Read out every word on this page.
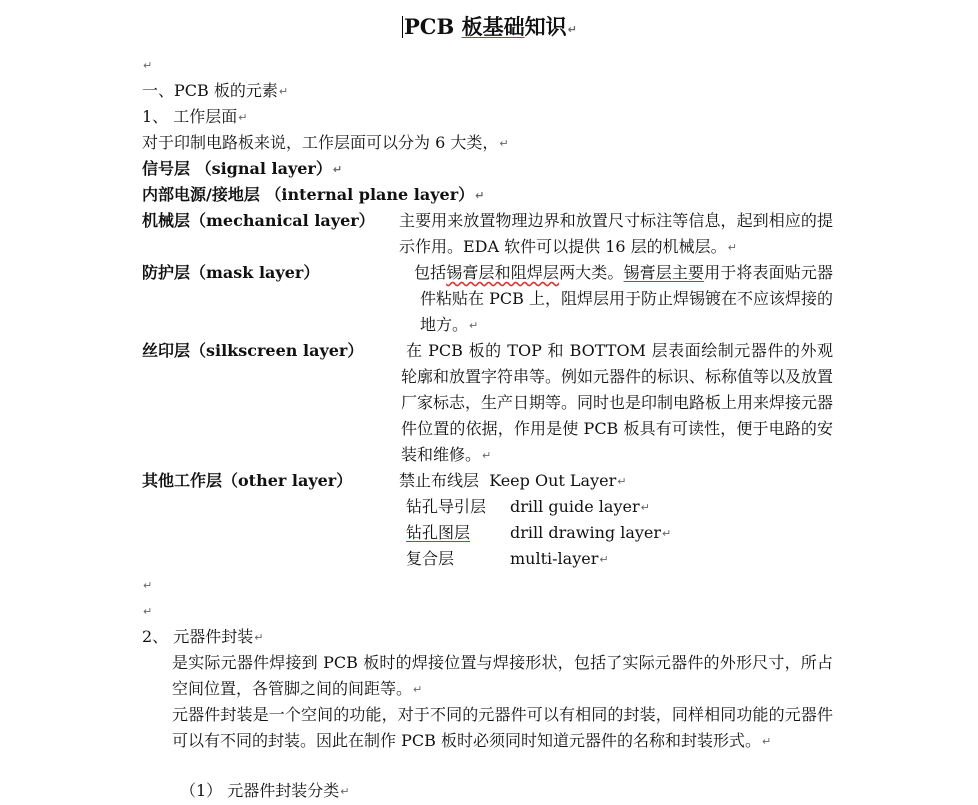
PCB 板基础知识↵
↵
一、PCB 板的元素↵
1、 工作层面↵
对于印制电路板来说，工作层面可以分为 6 大类，↵
信号层 （signal layer）↵
内部电源/接地层 （internal plane layer）↵
机械层（mechanical layer） 主要用来放置物理边界和放置尺寸标注等信息，起到相应的提示作用。EDA 软件可以提供 16 层的机械层。↵
防护层（mask layer）	包括锡膏层和阻焊层两大类。锡膏层主要用于将表面贴元器件粘贴在 PCB 上，阻焊层用于防止焊锡镀在不应该焊接的地方。↵
丝印层（silkscreen layer）	在 PCB 板的 TOP 和 BOTTOM 层表面绘制元器件的外观轮廓和放置字符串等。例如元器件的标识、标称值等以及放置厂家标志，生产日期等。同时也是印制电路板上用来焊接元器件位置的依据，作用是使 PCB 板具有可读性，便于电路的安装和维修。↵
其他工作层（other layer）	禁止布线层 Keep Out Layer↵
钻孔导引层 drill guide layer↵
钻孔图层 drill drawing layer↵
复合层	multi-layer↵
↵
↵
2、 元器件封装↵
是实际元器件焊接到 PCB 板时的焊接位置与焊接形状，包括了实际元器件的外形尺寸，所占空间位置，各管脚之间的间距等。↵
元器件封装是一个空间的功能，对于不同的元器件可以有相同的封装，同样相同功能的元器件可以有不同的封装。因此在制作 PCB 板时必须同时知道元器件的名称和封装形式。↵
（1） 元器件封装分类↵
